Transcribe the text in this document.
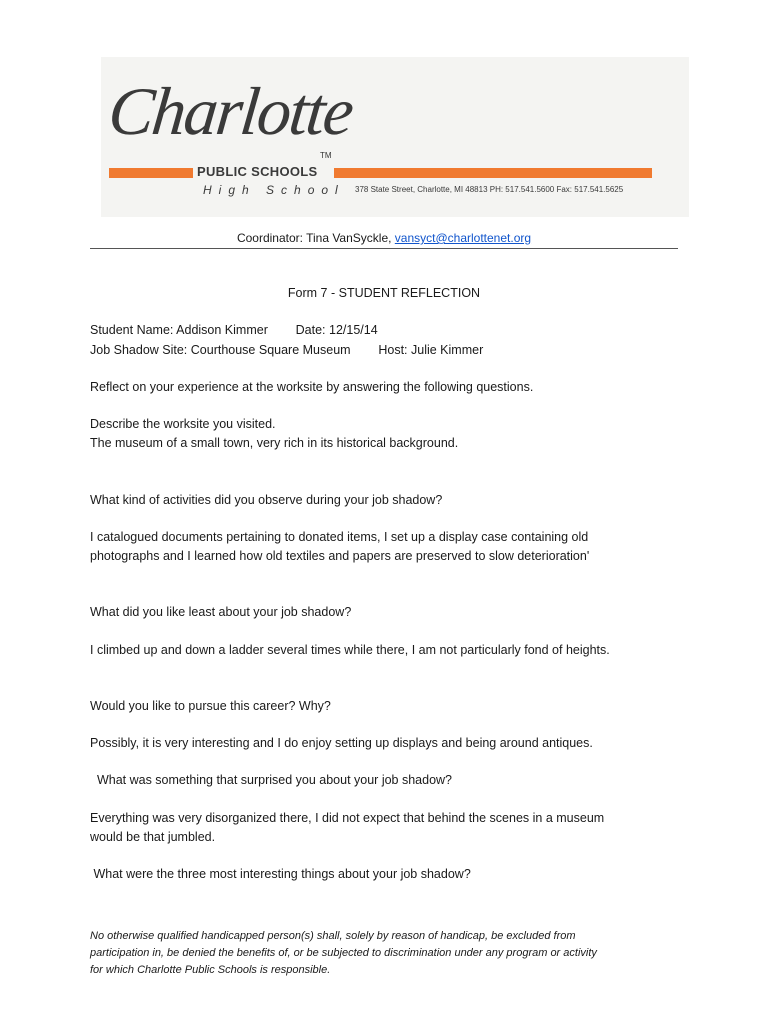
Charlotte
TM
PUBLIC SCHOOLS
High School 378 State Street, Charlotte, MI 48813 PH: 517.541.5600 Fax: 517.541.5625
Coordinator: Tina VanSyckle, vansyct@charlottenet.org
Form 7 - STUDENT REFLECTION
Student Name: Addison Kimmer        Date: 12/15/14
Job Shadow Site: Courthouse Square Museum        Host: Julie Kimmer
Reflect on your experience at the worksite by answering the following questions.
Describe the worksite you visited.
The museum of a small town, very rich in its historical background.
What kind of activities did you observe during your job shadow?
I catalogued documents pertaining to donated items, I set up a display case containing old
photographs and I learned how old textiles and papers are preserved to slow deterioration'
What did you like least about your job shadow?
I climbed up and down a ladder several times while there, I am not particularly fond of heights.
Would you like to pursue this career? Why?
Possibly, it is very interesting and I do enjoy setting up displays and being around antiques.
What was something that surprised you about your job shadow?
Everything was very disorganized there, I did not expect that behind the scenes in a museum
would be that jumbled.
What were the three most interesting things about your job shadow?
No otherwise qualified handicapped person(s) shall, solely by reason of handicap, be excluded from
participation in, be denied the benefits of, or be subjected to discrimination under any program or activity
for which Charlotte Public Schools is responsible.
